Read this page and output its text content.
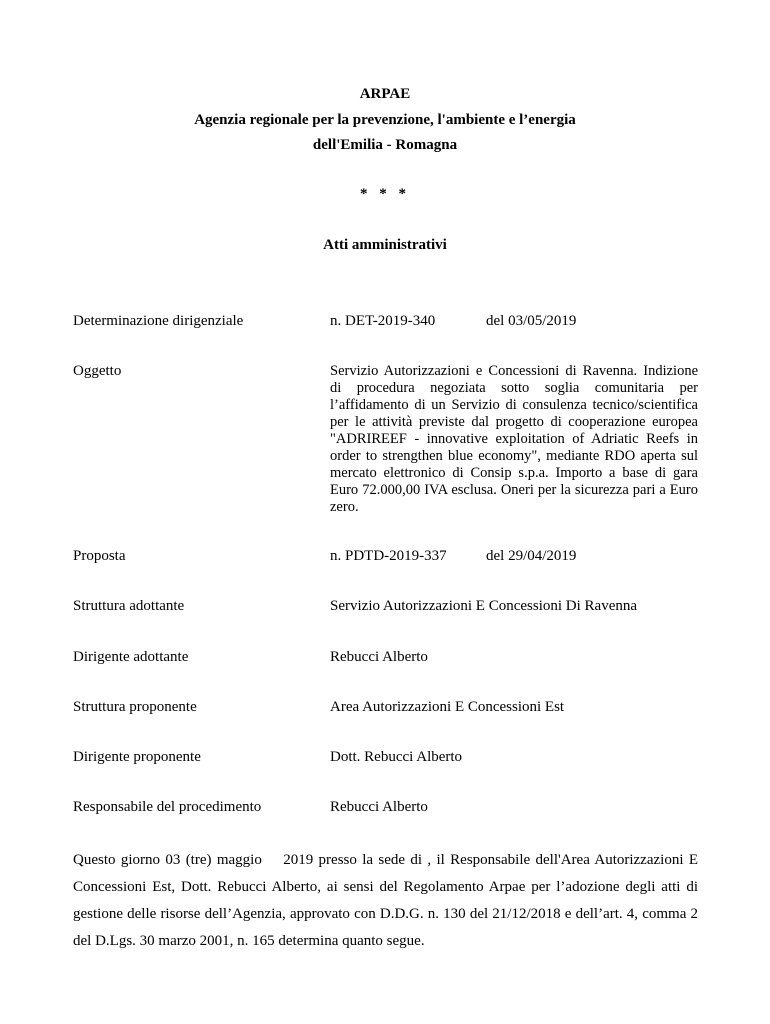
ARPAE
Agenzia regionale per la prevenzione, l'ambiente e l’energia
dell'Emilia - Romagna
* * *
Atti amministrativi
Determinazione dirigenziale	n. DET-2019-340	del 03/05/2019
Oggetto	Servizio Autorizzazioni e Concessioni di Ravenna. Indizione di procedura negoziata sotto soglia comunitaria per l’affidamento di un Servizio di consulenza tecnico/scientifica per le attività previste dal progetto di cooperazione europea "ADRIREEF - innovative exploitation of Adriatic Reefs in order to strengthen blue economy", mediante RDO aperta sul mercato elettronico di Consip s.p.a. Importo a base di gara Euro 72.000,00 IVA esclusa. Oneri per la sicurezza pari a Euro zero.
Proposta	n. PDTD-2019-337	del 29/04/2019
Struttura adottante	Servizio Autorizzazioni E Concessioni Di Ravenna
Dirigente adottante	Rebucci Alberto
Struttura proponente	Area Autorizzazioni E Concessioni Est
Dirigente proponente	Dott. Rebucci Alberto
Responsabile del procedimento	Rebucci Alberto
Questo giorno 03 (tre) maggio    2019 presso la sede di , il Responsabile dell'Area Autorizzazioni E Concessioni Est, Dott. Rebucci Alberto, ai sensi del Regolamento Arpae per l’adozione degli atti di gestione delle risorse dell’Agenzia, approvato con D.D.G. n. 130 del 21/12/2018 e dell’art. 4, comma 2 del D.Lgs. 30 marzo 2001, n. 165 determina quanto segue.
